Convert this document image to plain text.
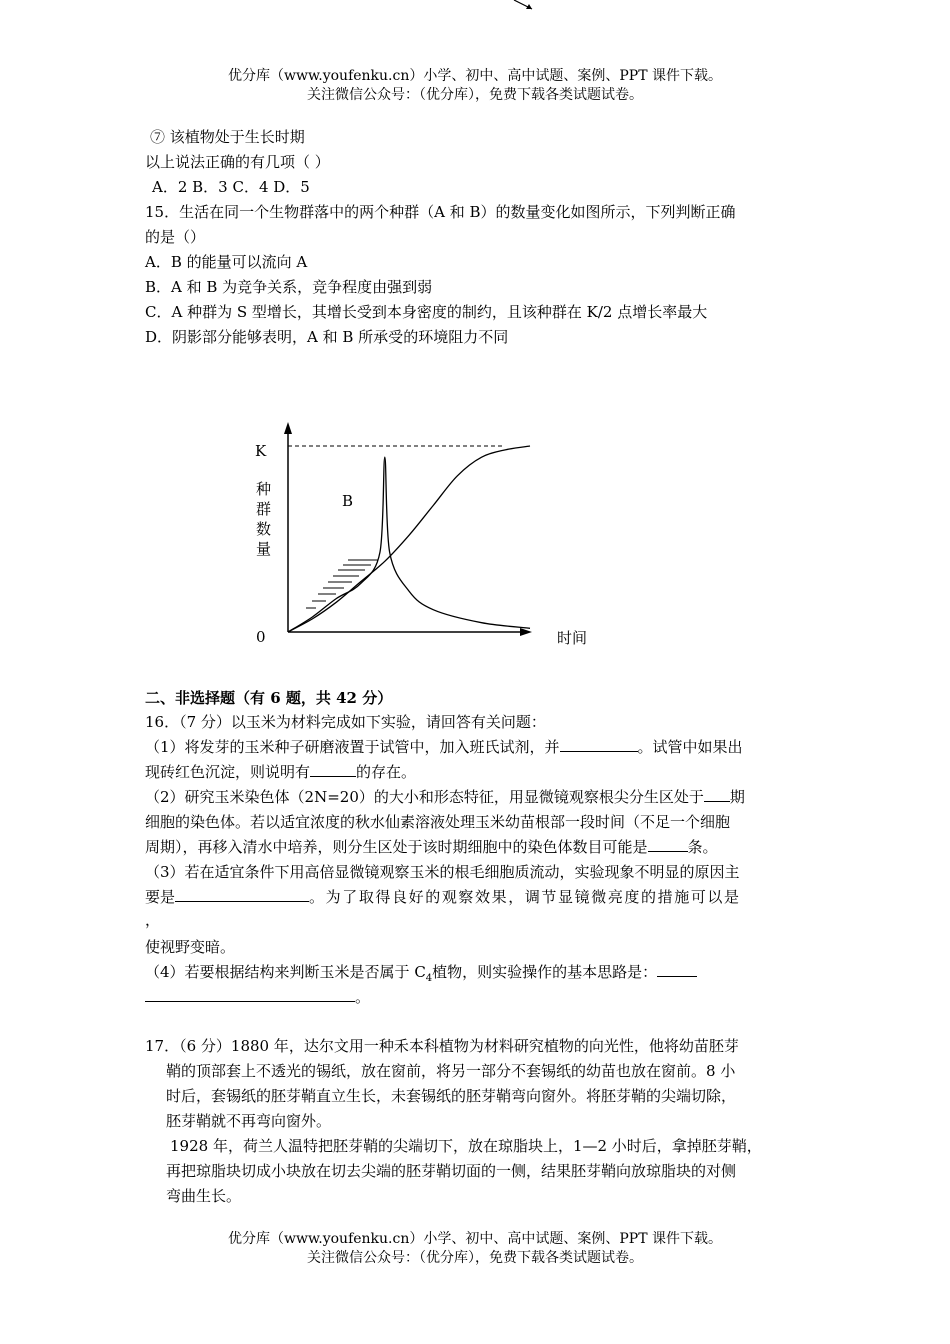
优分库（www.youfenku.cn）小学、初中、高中试题、案例、PPT 课件下载。
关注微信公众号：（优分库），免费下载各类试题试卷。
⑦ 该植物处于生长时期
以上说法正确的有几项（ ）
A．2 B．3 C．4 D．5
15．生活在同一个生物群落中的两个种群（A 和 B）的数量变化如图所示，下列判断正确
的是（）
A．B 的能量可以流向 A
B．A 和 B 为竞争关系，竞争程度由强到弱
C．A 种群为 S 型增长，其增长受到本身密度的制约，且该种群在 K/2 点增长率最大
D．阴影部分能够表明，A 和 B 所承受的环境阻力不同
K
种
群
数
量
B
0	时间
二、非选择题（有 6 题，共 42 分）
16．（7 分）以玉米为材料完成如下实验，请回答有关问题：
（1）将发芽的玉米种子研磨液置于试管中，加入班氏试剂，并	。试管中如果出
现砖红色沉淀，则说明有	的存在。
（2）研究玉米染色体（2N=20）的大小和形态特征，用显微镜观察根尖分生区处于 期
细胞的染色体。若以适宜浓度的秋水仙素溶液处理玉米幼苗根部一段时间（不足一个细胞
周期），再移入清水中培养，则分生区处于该时期细胞中的染色体数目可能是	条。
（3）若在适宜条件下用高倍显微镜观察玉米的根毛细胞质流动，实验现象不明显的原因主
要是	。为了取得良好的观察效果，调节显镜微亮度的措施可以是
，
使视野变暗。
（4）若要根据结构来判断玉米是否属于 $C_4$植物，则实验操作的基本思路是：
。
17．（6 分）1880 年，达尔文用一种禾本科植物为材料研究植物的向光性，他将幼苗胚芽
鞘的顶部套上不透光的锡纸，放在窗前，将另一部分不套锡纸的幼苗也放在窗前。8 小
时后，套锡纸的胚芽鞘直立生长，未套锡纸的胚芽鞘弯向窗外。将胚芽鞘的尖端切除，
胚芽鞘就不再弯向窗外。
1928 年，荷兰人温特把胚芽鞘的尖端切下，放在琼脂块上，1—2 小时后，拿掉胚芽鞘，
再把琼脂块切成小块放在切去尖端的胚芽鞘切面的一侧，结果胚芽鞘向放琼脂块的对侧
弯曲生长。
优分库（www.youfenku.cn）小学、初中、高中试题、案例、PPT 课件下载。
关注微信公众号：（优分库），免费下载各类试题试卷。
